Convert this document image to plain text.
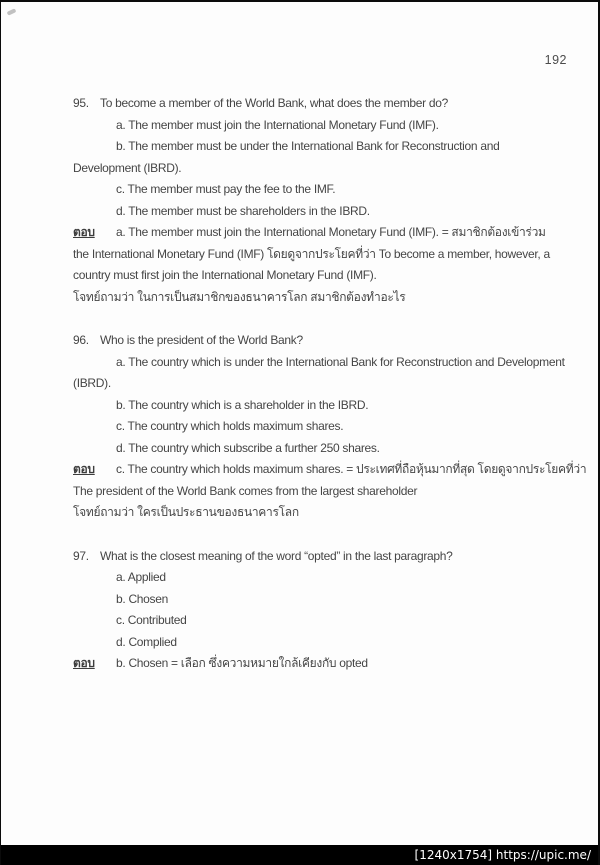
192
95. To become a member of the World Bank, what does the member do?
a. The member must join the International Monetary Fund (IMF).
b. The member must be under the International Bank for Reconstruction and
Development (IBRD).
c. The member must pay the fee to the IMF.
d. The member must be shareholders in the IBRD.
ตอบ a. The member must join the International Monetary Fund (IMF). = สมาชิกต้องเข้าร่วม
the International Monetary Fund (IMF) โดยดูจากประโยคที่ว่า To become a member, however, a
country must first join the International Monetary Fund (IMF).
โจทย์ถามว่า ในการเป็นสมาชิกของธนาคารโลก สมาชิกต้องทำอะไร
96. Who is the president of the World Bank?
a. The country which is under the International Bank for Reconstruction and Development
(IBRD).
b. The country which is a shareholder in the IBRD.
c. The country which holds maximum shares.
d. The country which subscribe a further 250 shares.
ตอบ c. The country which holds maximum shares. = ประเทศที่ถือหุ้นมากที่สุด โดยดูจากประโยคที่ว่า
The president of the World Bank comes from the largest shareholder
โจทย์ถามว่า ใครเป็นประธานของธนาคารโลก
97. What is the closest meaning of the word “opted” in the last paragraph?
a. Applied
b. Chosen
c. Contributed
d. Complied
ตอบ b. Chosen = เลือก ซึ่งความหมายใกล้เคียงกับ opted
[1240x1754] https://upic.me/
